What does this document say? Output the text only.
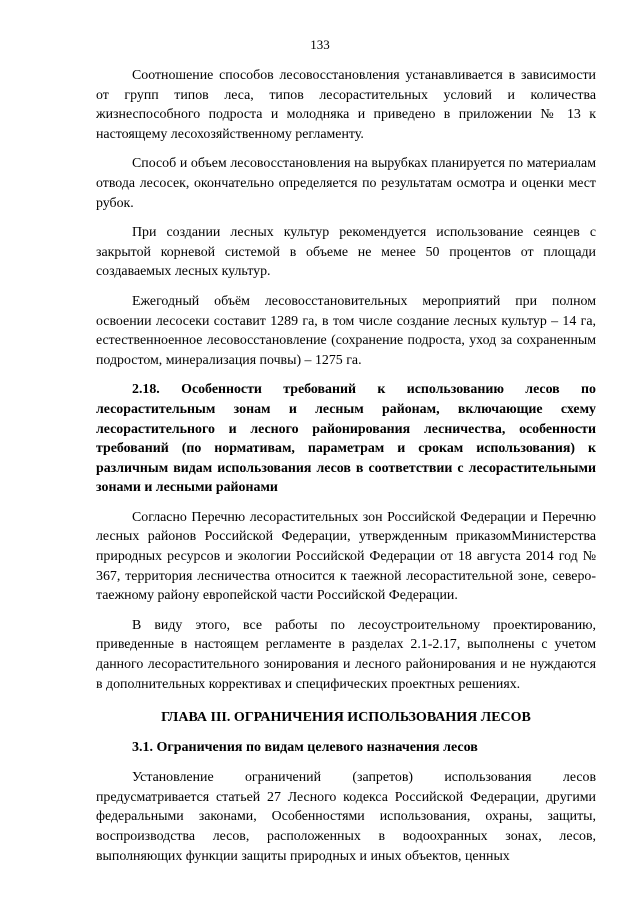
133

Соотношение способов лесовосстановления устанавливается в зависимости от групп типов леса, типов лесорастительных условий и количества жизнеспособного подроста и молодняка и приведено в приложении № 13 к настоящему лесохозяйственному регламенту.

Способ и объем лесовосстановления на вырубках планируется по материалам отвода лесосек, окончательно определяется по результатам осмотра и оценки мест рубок.

При создании лесных культур рекомендуется использование сеянцев с закрытой корневой системой в объеме не менее 50 процентов от площади создаваемых лесных культур.

Ежегодный объём лесовосстановительных мероприятий при полном освоении лесосеки составит 1289 га, в том числе создание лесных культур – 14 га, естественноенное лесовосстановление (сохранение подроста, уход за сохраненным подростом, минерализация почвы) – 1275 га.

2.18. Особенности требований к использованию лесов по лесорастительным зонам и лесным районам, включающие схему лесорастительного и лесного районирования лесничества, особенности требований (по нормативам, параметрам и срокам использования) к различным видам использования лесов в соответствии с лесорастительными зонами и лесными районами

Согласно Перечню лесорастительных зон Российской Федерации и Перечню лесных районов Российской Федерации, утвержденным приказомМинистерства природных ресурсов и экологии Российской Федерации от 18 августа 2014 год № 367, территория лесничества относится к таежной лесорастительной зоне, северо-таежному району европейской части Российской Федерации.

В виду этого, все работы по лесоустроительному проектированию, приведенные в настоящем регламенте в разделах 2.1-2.17, выполнены с учетом данного лесорастительного зонирования и лесного районирования и не нуждаются в дополнительных коррективах и специфических проектных решениях.

ГЛАВА III. ОГРАНИЧЕНИЯ ИСПОЛЬЗОВАНИЯ ЛЕСОВ
3.1. Ограничения по видам целевого назначения лесов

Установление ограничений (запретов) использования лесов предусматривается статьей 27 Лесного кодекса Российской Федерации, другими федеральными законами, Особенностями использования, охраны, защиты, воспроизводства лесов, расположенных в водоохранных зонах, лесов, выполняющих функции защиты природных и иных объектов, ценных
